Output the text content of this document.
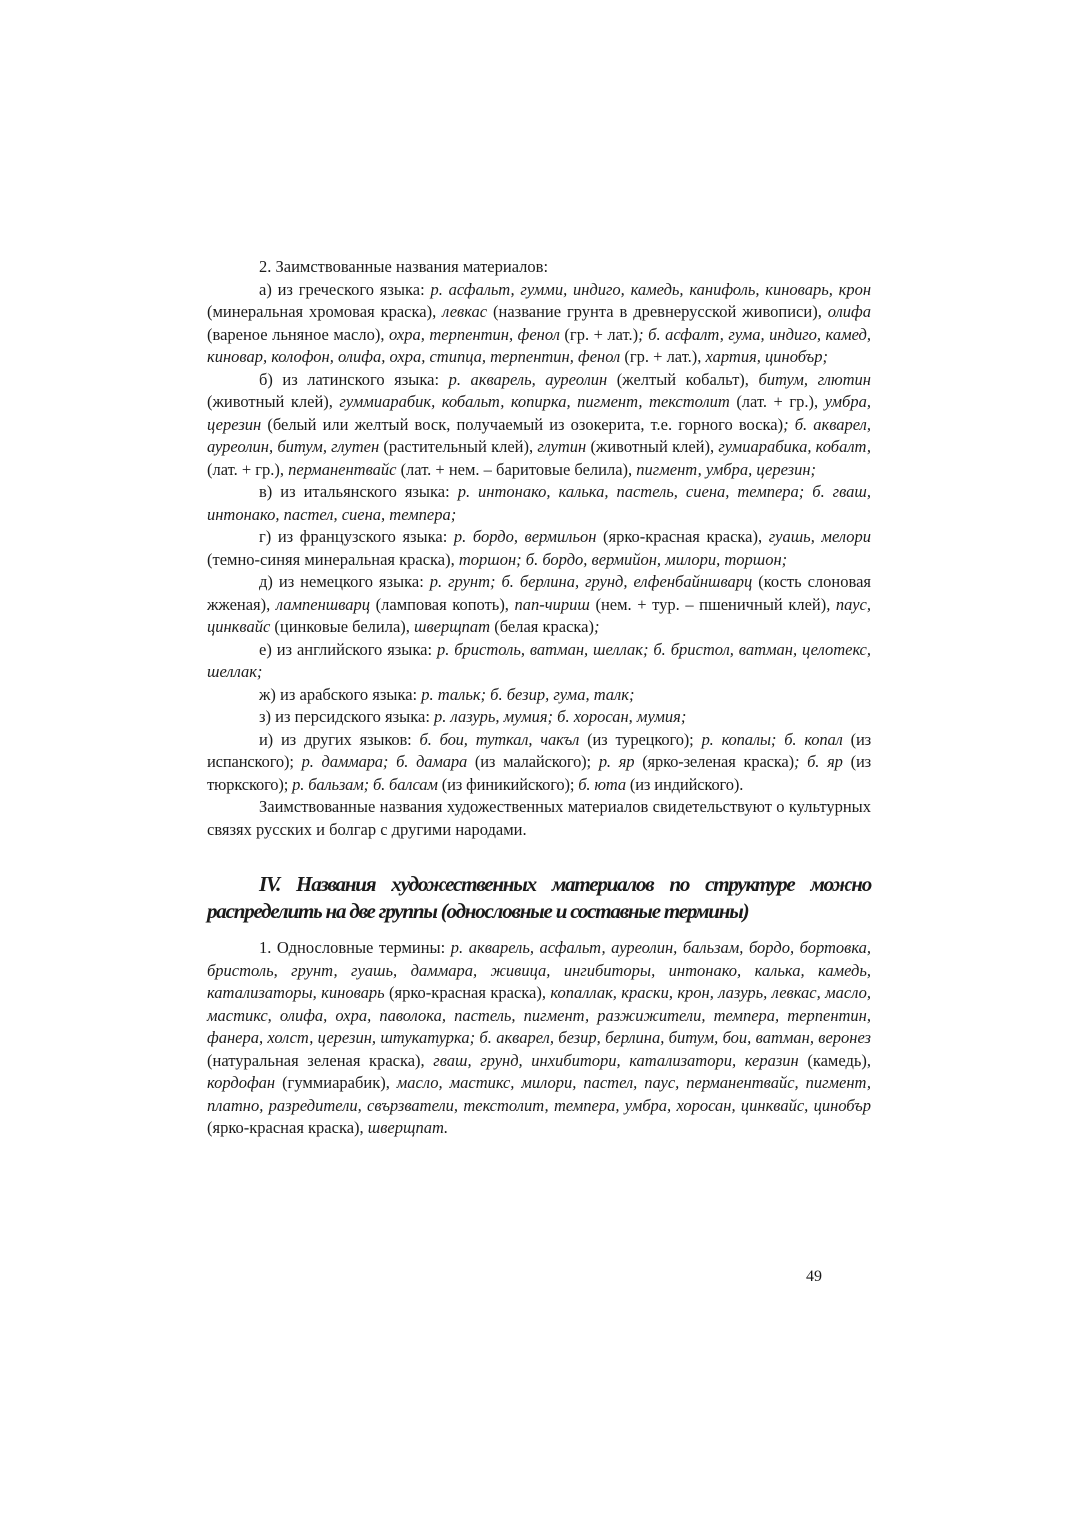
2. Заимствованные названия материалов:

а) из греческого языка: р. асфальт, гумми, индиго, камедь, канифоль, киноварь, крон (минеральная хромовая краска), левкас (название грунта в древнерусской живописи), олифа (вареное льняное масло), охра, терпентин, фенол (гр. + лат.); б. асфалт, гума, индиго, камед, киновар, колофон, олифа, охра, стипца, терпентин, фенол (гр. + лат.), хартия, цинобър;

б) из латинского языка: р. акварель, ауреолин (желтый кобальт), битум, глютин (животный клей), гуммиарабик, кобальт, копирка, пигмент, текстолит (лат. + гр.), умбра, церезин (белый или желтый воск, получаемый из озокерита, т.е. горного воска); б. акварел, ауреолин, битум, глутен (растительный клей), глутин (животный клей), гумиарабика, кобалт, (лат. + гр.), перманентвайс (лат. + нем. – баритовые белила), пигмент, умбра, церезин;

в) из итальянского языка: р. интонако, калька, пастель, сиена, темпера; б. гваш, интонако, пастел, сиена, темпера;

г) из французского языка: р. бордо, вермильон (ярко-красная краска), гуашь, мелори (темно-синяя минеральная краска), торшон; б. бордо, вермийон, милори, торшон;

д) из немецкого языка: р. грунт; б. берлина, грунд, елфенбайншварц (кость слоновая жженая), лампеншварц (ламповая копоть), пап-чириш (нем. + тур. – пшеничный клей), паус, цинквайс (цинковые белила), шверщпат (белая краска);

е) из английского языка: р. бристоль, ватман, шеллак; б. бристол, ватман, целотекс, шеллак;

ж) из арабского языка: р. тальк; б. безир, гума, талк;

з) из персидского языка: р. лазурь, мумия; б. хоросан, мумия;

и) из других языков: б. бои, туткал, чакъл (из турецкого); р. копалы; б. копал (из испанского); р. даммара; б. дамара (из малайского); р. яр (ярко-зеленая краска); б. яр (из тюркского); р. бальзам; б. балсам (из финикийского); б. юта (из индийского).

Заимствованные названия художественных материалов свидетельствуют о культурных связях русских и болгар с другими народами.

IV. Названия художественных материалов по структуре можно распределить на две группы (однословные и составные термины)

1. Однословные термины: р. акварель, асфальт, ауреолин, бальзам, бордо, бортовка, бристоль, грунт, гуашь, даммара, живица, ингибиторы, интонако, калька, камедь, катализаторы, киноварь (ярко-красная краска), копаллак, краски, крон, лазурь, левкас, масло, мастикс, олифа, охра, паволока, пастель, пигмент, разжижители, темпера, терпентин, фанера, холст, церезин, штукатурка; б. акварел, безир, берлина, битум, бои, ватман, веронез (натуральная зеленая краска), гваш, грунд, инхибитори, катализатори, керазин (камедь), кордофан (гуммиарабик), масло, мастикс, милори, пастел, паус, перманентвайс, пигмент, платно, разредители, свързватели, текстолит, темпера, умбра, хоросан, цинквайс, цинобър (ярко-красная краска), шверщпат.

49
